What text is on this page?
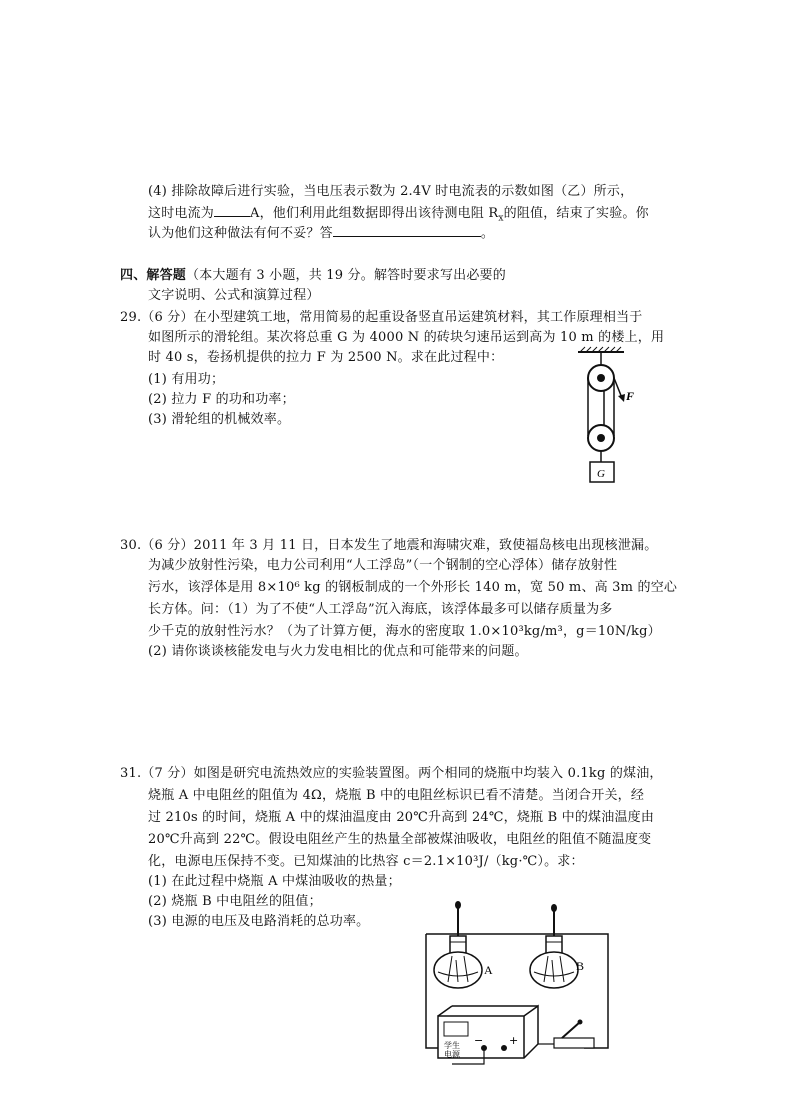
(4) 排除故障后进行实验，当电压表示数为 2.4V 时电流表的示数如图（乙）所示，
这时电流为	A，他们利用此组数据即得出该待测电阻 $R_x$的阻值，结束了实验。你
认为他们这种做法有何不妥？答	。
四、解答题（本大题有 3 小题，共 19 分。解答时要求写出必要的
文字说明、公式和演算过程）
29.（6 分）在小型建筑工地，常用简易的起重设备竖直吊运建筑材料，其工作原理相当于
如图所示的滑轮组。某次将总重 G 为 4000 N 的砖块匀速吊运到高为 10 m 的楼上，用
时 40 s，卷扬机提供的拉力 F 为 2500 N。求在此过程中：
(1) 有用功；
(2) 拉力 F 的功和功率；
(3) 滑轮组的机械效率。
F
G
30.（6 分）2011 年 3 月 11 日，日本发生了地震和海啸灾难，致使福岛核电出现核泄漏。
为减少放射性污染，电力公司利用“人工浮岛”（一个钢制的空心浮体）储存放射性
污水，该浮体是用 8×10⁶ kg 的钢板制成的一个外形长 140 m，宽 50 m、高 3m 的空心
长方体。问：（1）为了不使“人工浮岛”沉入海底，该浮体最多可以储存质量为多
少千克的放射性污水？（为了计算方便，海水的密度取 1.0×10³kg/m³，g＝10N/kg）
(2) 请你谈谈核能发电与火力发电相比的优点和可能带来的问题。
31.（7 分）如图是研究电流热效应的实验装置图。两个相同的烧瓶中均装入 0.1kg 的煤油，
烧瓶 A 中电阻丝的阻值为 4Ω，烧瓶 B 中的电阻丝标识已看不清楚。当闭合开关，经
过 210s 的时间，烧瓶 A 中的煤油温度由 20℃升高到 24℃，烧瓶 B 中的煤油温度由
20℃升高到 22℃。假设电阻丝产生的热量全部被煤油吸收，电阻丝的阻值不随温度变
化，电源电压保持不变。已知煤油的比热容 c＝2.1×10³J/（kg·℃）。求：
(1) 在此过程中烧瓶 A 中煤油吸收的热量；
(2) 烧瓶 B 中电阻丝的阻值；
(3) 电源的电压及电路消耗的总功率。
A	B
学生
电源
− +
